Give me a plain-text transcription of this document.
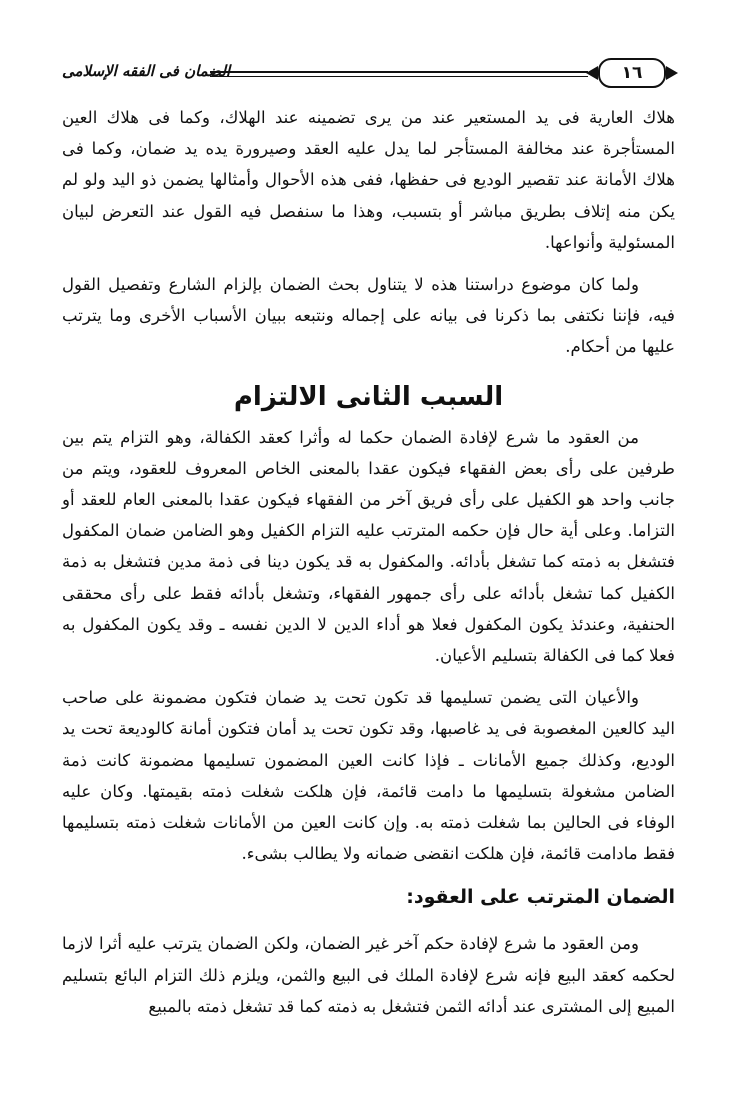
الضمان فى الفقه الإسلامى	١٦

هلاك العارية فى يد المستعير عند من يرى تضمينه عند الهلاك، وكما فى هلاك العين المستأجرة عند مخالفة المستأجر لما يدل عليه العقد وصيرورة يده يد ضمان، وكما فى هلاك الأمانة عند تقصير الوديع فى حفظها، ففى هذه الأحوال وأمثالها يضمن ذو اليد ولو لم يكن منه إتلاف بطريق مباشر أو بتسبب، وهذا ما سنفصل فيه القول عند التعرض لبيان المسئولية وأنواعها.

ولما كان موضوع دراستنا هذه لا يتناول بحث الضمان بإلزام الشارع وتفصيل القول فيه، فإننا نكتفى بما ذكرنا فى بيانه على إجماله ونتبعه ببيان الأسباب الأخرى وما يترتب عليها من أحكام.

السبب الثانى الالتزام

من العقود ما شرع لإفادة الضمان حكما له وأثرا كعقد الكفالة، وهو التزام يتم بين طرفين على رأى بعض الفقهاء فيكون عقدا بالمعنى الخاص المعروف للعقود، ويتم من جانب واحد هو الكفيل على رأى فريق آخر من الفقهاء فيكون عقدا بالمعنى العام للعقد أو التزاما. وعلى أية حال فإن حكمه المترتب عليه التزام الكفيل وهو الضامن ضمان المكفول فتشغل به ذمته كما تشغل بأدائه. والمكفول به قد يكون دينا فى ذمة مدين فتشغل به ذمة الكفيل كما تشغل بأدائه على رأى جمهور الفقهاء، وتشغل بأدائه فقط على رأى محققى الحنفية، وعندئذ يكون المكفول فعلا هو أداء الدين لا الدين نفسه ـ وقد يكون المكفول به فعلا كما فى الكفالة بتسليم الأعيان.

والأعيان التى يضمن تسليمها قد تكون تحت يد ضمان فتكون مضمونة على صاحب اليد كالعين المغصوبة فى يد غاصبها، وقد تكون تحت يد أمان فتكون أمانة كالوديعة تحت يد الوديع، وكذلك جميع الأمانات ـ فإذا كانت العين المضمون تسليمها مضمونة كانت ذمة الضامن مشغولة بتسليمها ما دامت قائمة، فإن هلكت شغلت ذمته بقيمتها. وكان عليه الوفاء فى الحالين بما شغلت ذمته به. وإن كانت العين من الأمانات شغلت ذمته بتسليمها فقط مادامت قائمة، فإن هلكت انقضى ضمانه ولا يطالب بشىء.

الضمان المترتب على العقود:

ومن العقود ما شرع لإفادة حكم آخر غير الضمان، ولكن الضمان يترتب عليه أثرا لازما لحكمه كعقد البيع فإنه شرع لإفادة الملك فى البيع والثمن، ويلزم ذلك التزام البائع بتسليم المبيع إلى المشترى عند أدائه الثمن فتشغل به ذمته كما قد تشغل ذمته بالمبيع
